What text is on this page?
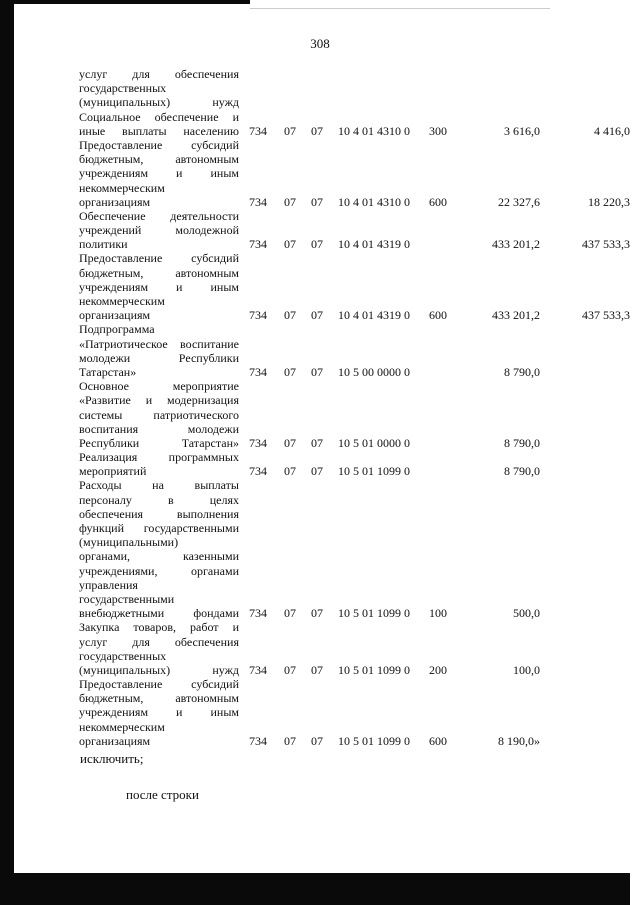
308
услуг для обеспечения
государственных
(муниципальных) нужд
Социальное обеспечение и
иные выплаты населению 734 07 07 10 4 01 4310 0 300	3 616,0	4 416,0
Предоставление субсидий
бюджетным, автономным
учреждениям и иным
некоммерческим
организациям	734 07 07 10 4 01 4310 0 600	22 327,6	18 220,3
Обеспечение деятельности
учреждений молодежной
политики	734 07 07 10 4 01 4319 0	433 201,2	437 533,3
Предоставление субсидий
бюджетным, автономным
учреждениям и иным
некоммерческим
организациям	734 07 07 10 4 01 4319 0 600	433 201,2	437 533,3
Подпрограмма
«Патриотическое воспитание
молодежи Республики
Татарстан»	734 07 07 10 5 00 0000 0	8 790,0
Основное мероприятие
«Развитие и модернизация
системы патриотического
воспитания молодежи
Республики Татарстан» 734 07 07 10 5 01 0000 0	8 790,0
Реализация программных
мероприятий	734 07 07 10 5 01 1099 0	8 790,0
Расходы на выплаты
персоналу в целях
обеспечения выполнения
функций государственными
(муниципальными)
органами, казенными
учреждениями, органами
управления
государственными
внебюджетными фондами 734 07 07 10 5 01 1099 0 100	500,0
Закупка товаров, работ и
услуг для обеспечения
государственных
(муниципальных) нужд 734 07 07 10 5 01 1099 0 200	100,0
Предоставление субсидий
бюджетным, автономным
учреждениям и иным
некоммерческим
организациям	734 07 07 10 5 01 1099 0 600	8 190,0»
исключить;
после строки
